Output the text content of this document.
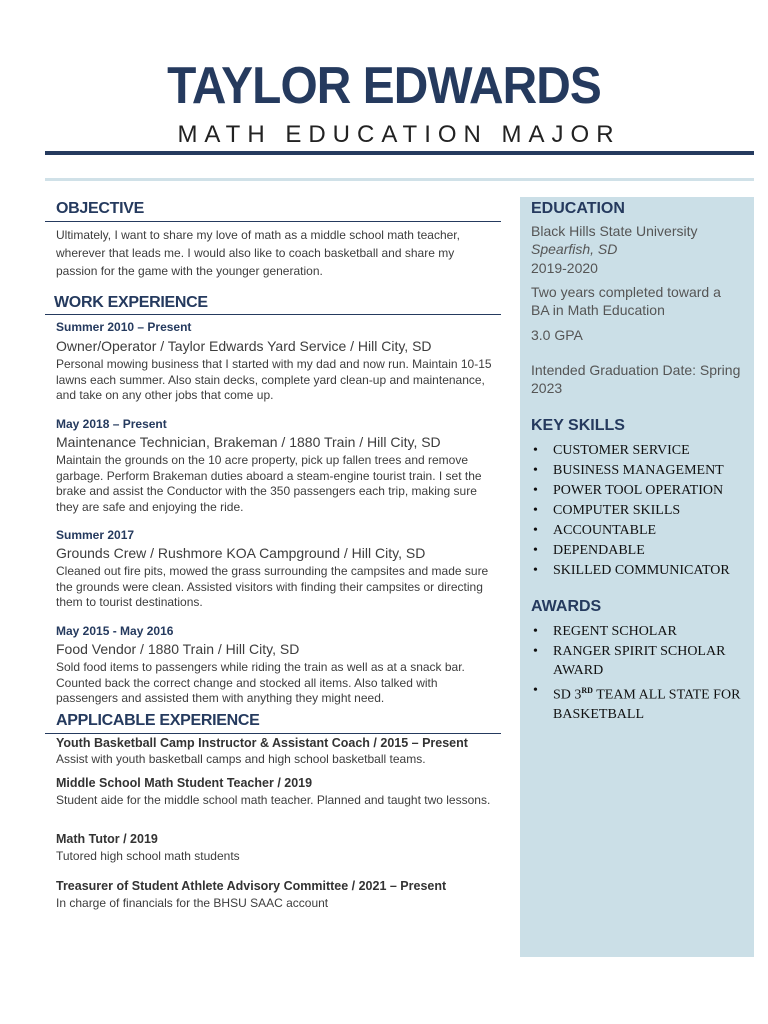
TAYLOR EDWARDS
MATH EDUCATION MAJOR
OBJECTIVE

Ultimately, I want to share my love of math as a middle school math teacher, wherever that leads me. I would also like to coach basketball and share my passion for the game with the younger generation.

WORK EXPERIENCE
Summer 2010 – Present
Owner/Operator / Taylor Edwards Yard Service / Hill City, SD

Personal mowing business that I started with my dad and now run. Maintain 10-15 lawns each summer. Also stain decks, complete yard clean-up and maintenance, and take on any other jobs that come up.

May 2018 – Present
Maintenance Technician, Brakeman / 1880 Train / Hill City, SD

Maintain the grounds on the 10 acre property, pick up fallen trees and remove garbage. Perform Brakeman duties aboard a steam-engine tourist train. I set the brake and assist the Conductor with the 350 passengers each trip, making sure they are safe and enjoying the ride.

Summer 2017
Grounds Crew / Rushmore KOA Campground / Hill City, SD

Cleaned out fire pits, mowed the grass surrounding the campsites and made sure the grounds were clean. Assisted visitors with finding their campsites or directing them to tourist destinations.

May 2015 - May 2016
Food Vendor / 1880 Train / Hill City, SD

Sold food items to passengers while riding the train as well as at a snack bar. Counted back the correct change and stocked all items. Also talked with passengers and assisted them with anything they might need.

APPLICABLE EXPERIENCE
Youth Basketball Camp Instructor & Assistant Coach / 2015 – Present

Assist with youth basketball camps and high school basketball teams.

Middle School Math Student Teacher / 2019

Student aide for the middle school math teacher. Planned and taught two lessons.

Math Tutor / 2019

Tutored high school math students

Treasurer of Student Athlete Advisory Committee / 2021 – Present

In charge of financials for the BHSU SAAC account

EDUCATION
Black Hills State University
Spearfish, SD
2019-2020
Two years completed toward a BA in Math Education
3.0 GPA
Intended Graduation Date: Spring 2023
KEY SKILLS
• CUSTOMER SERVICE
• BUSINESS MANAGEMENT
• POWER TOOL OPERATION
• COMPUTER SKILLS
• ACCOUNTABLE
• DEPENDABLE
• SKILLED COMMUNICATOR
AWARDS
• REGENT SCHOLAR
• RANGER SPIRIT SCHOLAR AWARD
• SD 3RD TEAM ALL STATE FOR BASKETBALL
